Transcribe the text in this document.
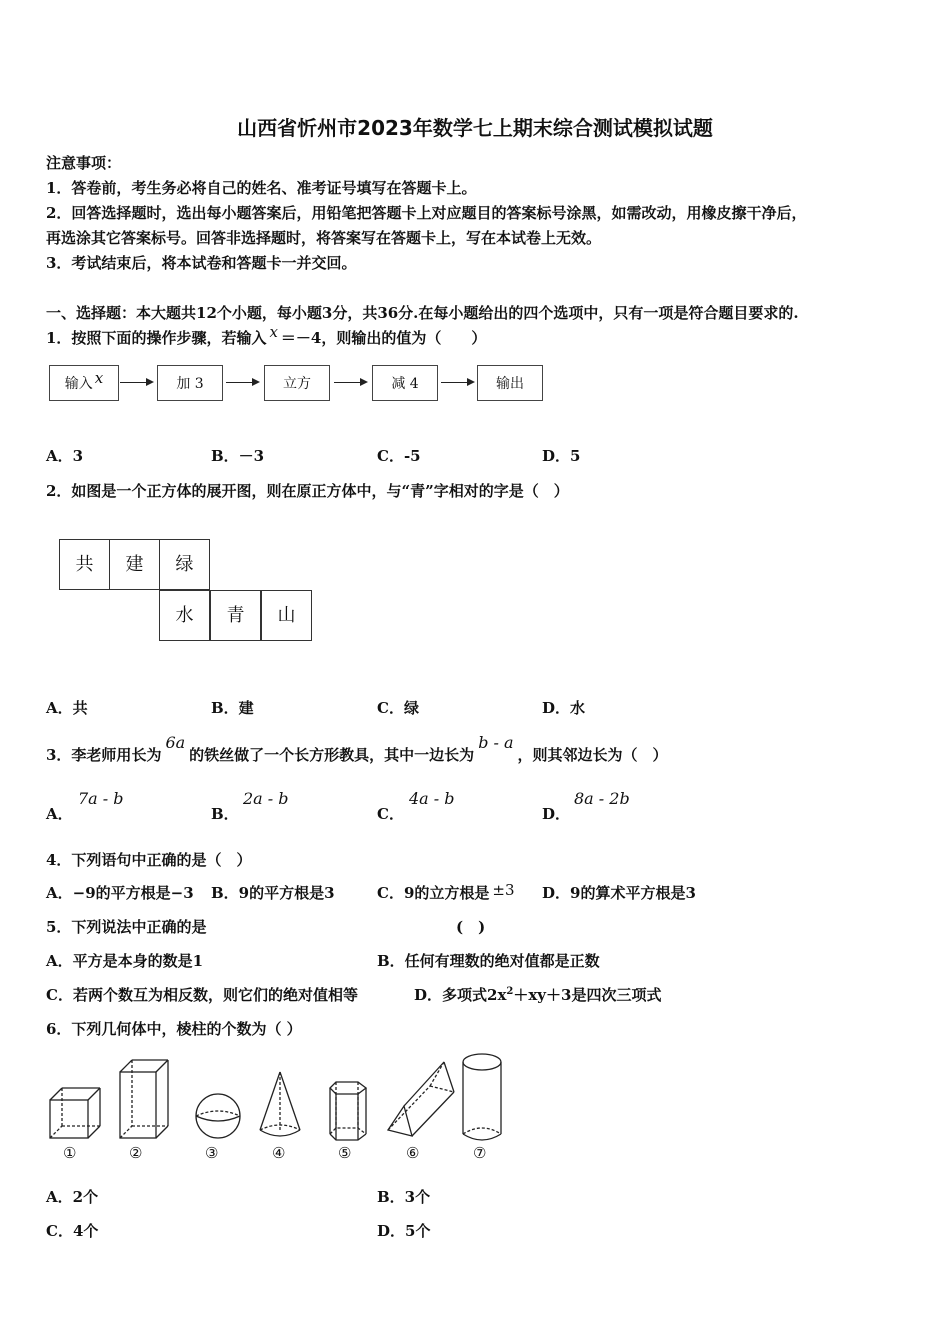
山西省忻州市2023年数学七上期末综合测试模拟试题
注意事项：
1．答卷前，考生务必将自己的姓名、准考证号填写在答题卡上。
2．回答选择题时，选出每小题答案后，用铅笔把答题卡上对应题目的答案标号涂黑，如需改动，用橡皮擦干净后，
再选涂其它答案标号。回答非选择题时，将答案写在答题卡上，写在本试卷上无效。
3．考试结束后，将本试卷和答题卡一并交回。
一、选择题：本大题共12个小题，每小题3分，共36分.在每小题给出的四个选项中，只有一项是符合题目要求的.
1．按照下面的操作步骤，若输入 x ＝－4，则输出的值为（　　）
输入 x	加 3	立方	减 4	输出
A．3	B．－3	C．-5	D．5
2．如图是一个正方体的展开图，则在原正方体中，与“青”字相对的字是（　）
共	建	绿
水	青	山
A．共	B．建	C．绿	D．水
3．李老师用长为6a的铁丝做了一个长方形教具，其中一边长为b - a，则其邻边长为（　）
A．
7a - b
B．
2a - b
C．
4a - b
D．
8a - 2b
4．下列语句中正确的是（　）
A．−9的平方根是−3 B．9的平方根是3	C．9的立方根是 ±3 D．9的算术平方根是3
5．下列说法中正确的是	(　)
A．平方是本身的数是1	B．任何有理数的绝对值都是正数
C．若两个数互为相反数，则它们的绝对值相等	D．多项式$2x^2+xy+3$是四次三项式
6．下列几何体中，棱柱的个数为（ ）
①	②	③	④	⑤	⑥	⑦
A．2个	B．3个
C．4个	D．5个
